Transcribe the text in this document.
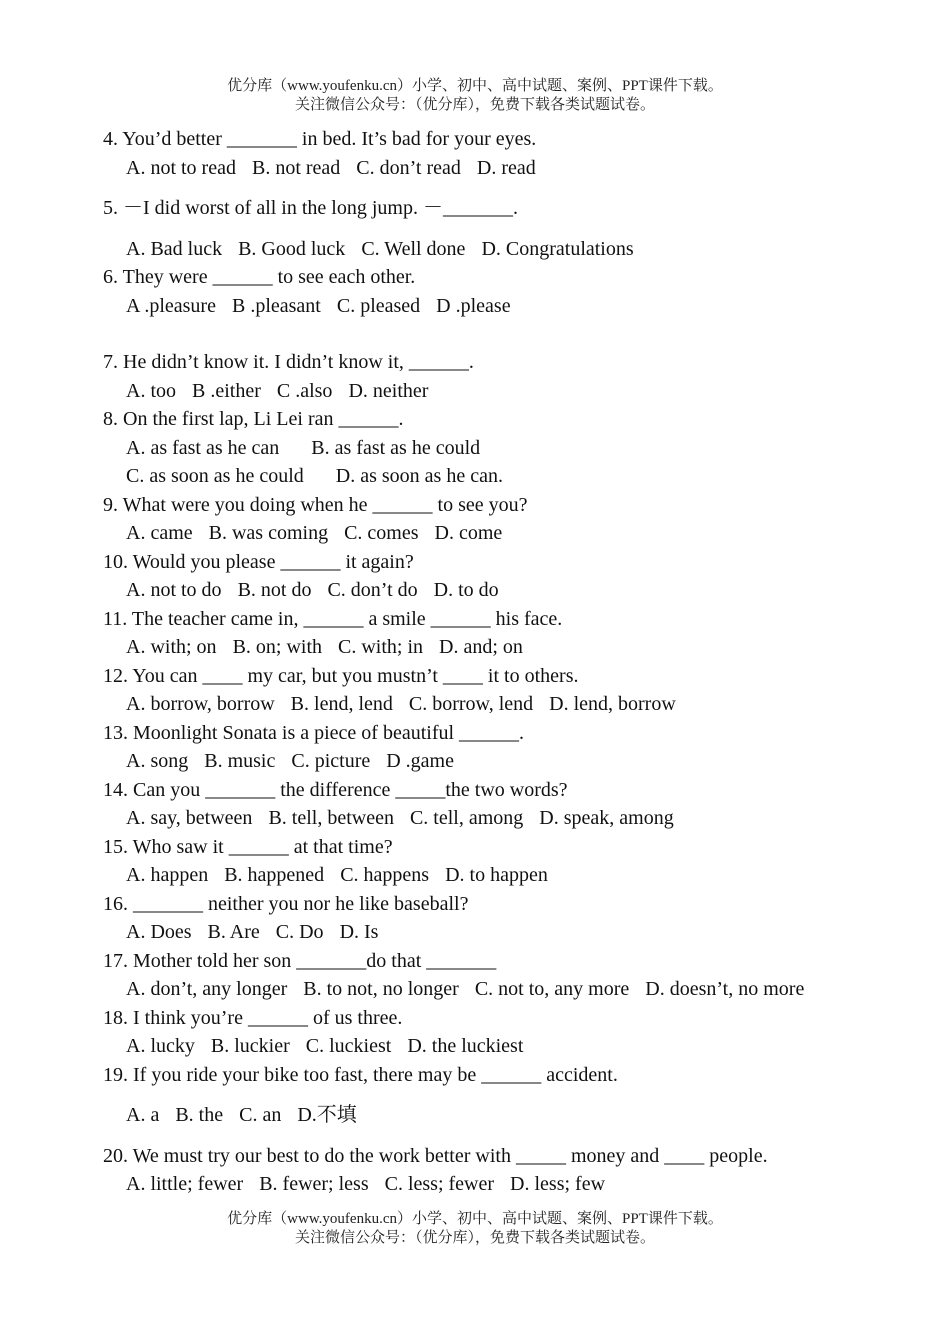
优分库（www.youfenku.cn）小学、初中、高中试题、案例、PPT课件下载。
关注微信公众号：（优分库），免费下载各类试题试卷。
4. You’d better _______ in bed. It’s bad for your eyes.
A. not to read B. not read C. don’t read D. read
5. －I did worst of all in the long jump. －_______.
A. Bad luck B. Good luck C. Well done D. Congratulations
6. They were ______ to see each other.
A .pleasure B .pleasant C. pleased D .please
7. He didn’t know it. I didn’t know it, ______.
A. too B .either C .also D. neither
8. On the first lap, Li Lei ran ______.
A. as fast as he can B. as fast as he could
C. as soon as he could D. as soon as he can.
9. What were you doing when he ______ to see you?
A. came B. was coming C. comes D. come
10. Would you please ______ it again?
A. not to do B. not do C. don’t do D. to do
11. The teacher came in, ______ a smile ______ his face.
A. with; on B. on; with C. with; in D. and; on
12. You can ____ my car, but you mustn’t ____ it to others.
A. borrow, borrow B. lend, lend C. borrow, lend D. lend, borrow
13. Moonlight Sonata is a piece of beautiful ______.
A. song B. music C. picture D .game
14. Can you _______ the difference _____the two words?
A. say, between B. tell, between C. tell, among D. speak, among
15. Who saw it ______ at that time?
A. happen B. happened C. happens D. to happen
16. _______ neither you nor he like baseball?
A. Does B. Are C. Do D. Is
17. Mother told her son _______do that _______
A. don’t, any longer B. to not, no longer C. not to, any more D. doesn’t, no more
18. I think you’re ______ of us three.
A. lucky B. luckier C. luckiest D. the luckiest
19. If you ride your bike too fast, there may be ______ accident.
A. a B. the C. an D.不填
20. We must try our best to do the work better with _____ money and ____ people.
A. little; fewer B. fewer; less C. less; fewer D. less; few
优分库（www.youfenku.cn）小学、初中、高中试题、案例、PPT课件下载。
关注微信公众号：（优分库），免费下载各类试题试卷。
